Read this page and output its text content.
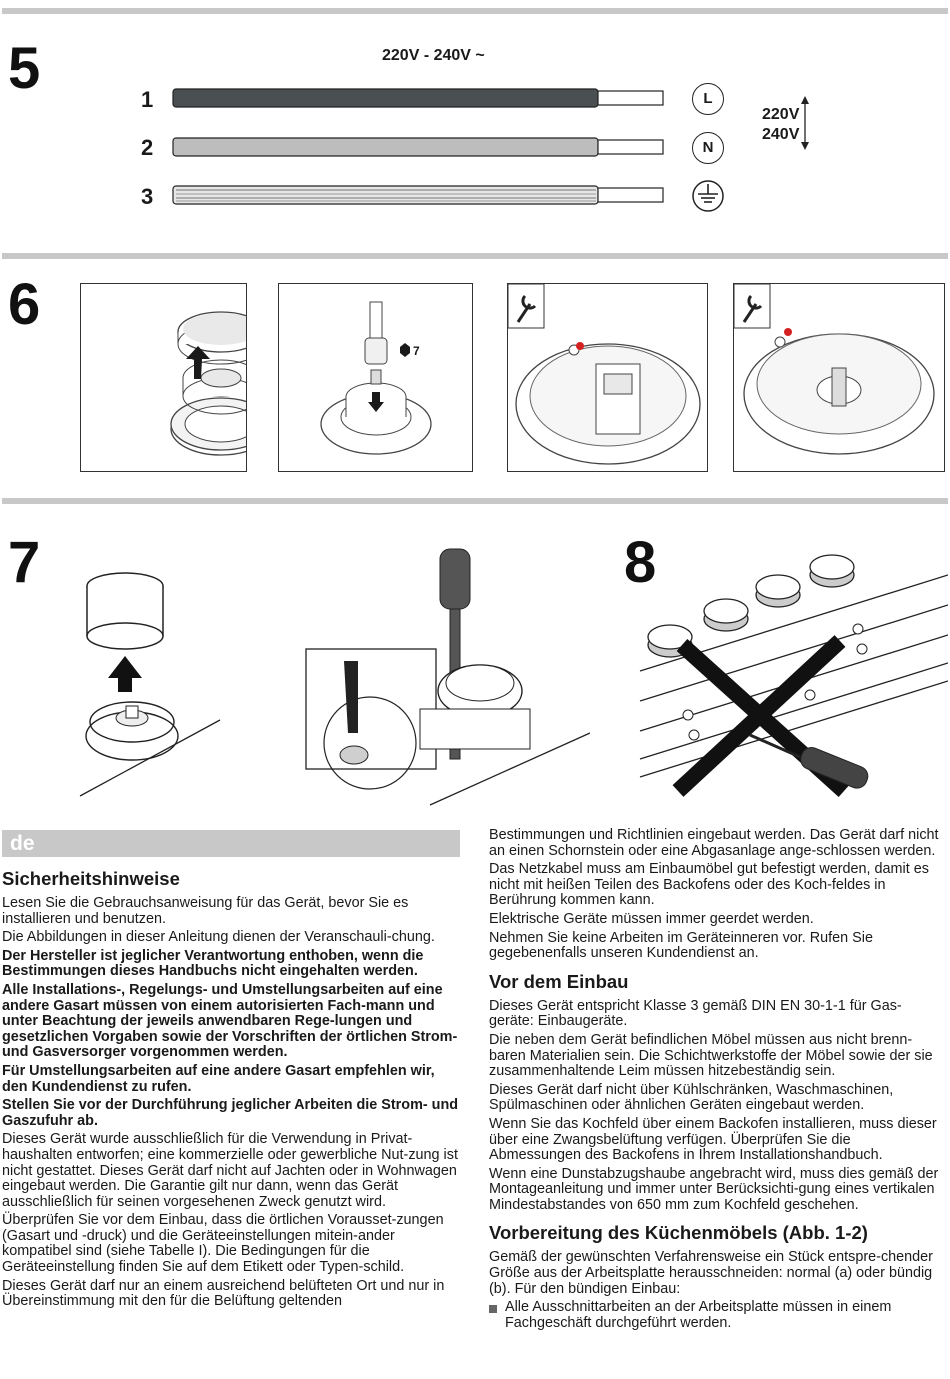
5	220V - 240V ~
1
2
3
L
N
220V
240V
6
7
7	8
de
Sicherheitshinweise

Lesen Sie die Gebrauchsanweisung für das Gerät, bevor Sie es installieren und benutzen.

Die Abbildungen in dieser Anleitung dienen der Veranschauli-chung.

Der Hersteller ist jeglicher Verantwortung enthoben, wenn die Bestimmungen dieses Handbuchs nicht eingehalten werden.

Alle Installations-, Regelungs- und Umstellungsarbeiten auf eine andere Gasart müssen von einem autorisierten Fach-mann und unter Beachtung der jeweils anwendbaren Rege-lungen und gesetzlichen Vorgaben sowie der Vorschriften der örtlichen Strom- und Gasversorger vorgenommen werden.

Für Umstellungsarbeiten auf eine andere Gasart empfehlen wir, den Kundendienst zu rufen.

Stellen Sie vor der Durchführung jeglicher Arbeiten die Strom- und Gaszufuhr ab.

Dieses Gerät wurde ausschließlich für die Verwendung in Privat-haushalten entworfen; eine kommerzielle oder gewerbliche Nut-zung ist nicht gestattet. Dieses Gerät darf nicht auf Jachten oder in Wohnwagen eingebaut werden. Die Garantie gilt nur dann, wenn das Gerät ausschließlich für seinen vorgesehenen Zweck genutzt wird.

Überprüfen Sie vor dem Einbau, dass die örtlichen Vorausset-zungen (Gasart und -druck) und die Geräteeinstellungen mitein-ander kompatibel sind (siehe Tabelle I). Die Bedingungen für die Geräteeinstellung finden Sie auf dem Etikett oder Typen-schild.

Dieses Gerät darf nur an einem ausreichend belüfteten Ort und nur in Übereinstimmung mit den für die Belüftung geltenden

Bestimmungen und Richtlinien eingebaut werden. Das Gerät darf nicht an einen Schornstein oder eine Abgasanlage ange-schlossen werden.

Das Netzkabel muss am Einbaumöbel gut befestigt werden, damit es nicht mit heißen Teilen des Backofens oder des Koch-feldes in Berührung kommen kann.

Elektrische Geräte müssen immer geerdet werden.

Nehmen Sie keine Arbeiten im Geräteinneren vor. Rufen Sie gegebenenfalls unseren Kundendienst an.

Vor dem Einbau

Dieses Gerät entspricht Klasse 3 gemäß DIN EN 30-1-1 für Gas-geräte: Einbaugeräte.

Die neben dem Gerät befindlichen Möbel müssen aus nicht brenn-baren Materialien sein. Die Schichtwerkstoffe der Möbel sowie der sie zusammenhaltende Leim müssen hitzebeständig sein.

Dieses Gerät darf nicht über Kühlschränken, Waschmaschinen, Spülmaschinen oder ähnlichen Geräten eingebaut werden.

Wenn Sie das Kochfeld über einem Backofen installieren, muss dieser über eine Zwangsbelüftung verfügen. Überprüfen Sie die Abmessungen des Backofens in Ihrem Installationshandbuch.

Wenn eine Dunstabzugshaube angebracht wird, muss dies gemäß der Montageanleitung und immer unter Berücksichti-gung eines vertikalen Mindestabstandes von 650 mm zum Kochfeld geschehen.

Vorbereitung des Küchenmöbels (Abb. 1-2)

Gemäß der gewünschten Verfahrensweise ein Stück entspre-chender Größe aus der Arbeitsplatte herausschneiden: normal (a) oder bündig (b). Für den bündigen Einbau:

Alle Ausschnittarbeiten an der Arbeitsplatte müssen in einem Fachgeschäft durchgeführt werden.
